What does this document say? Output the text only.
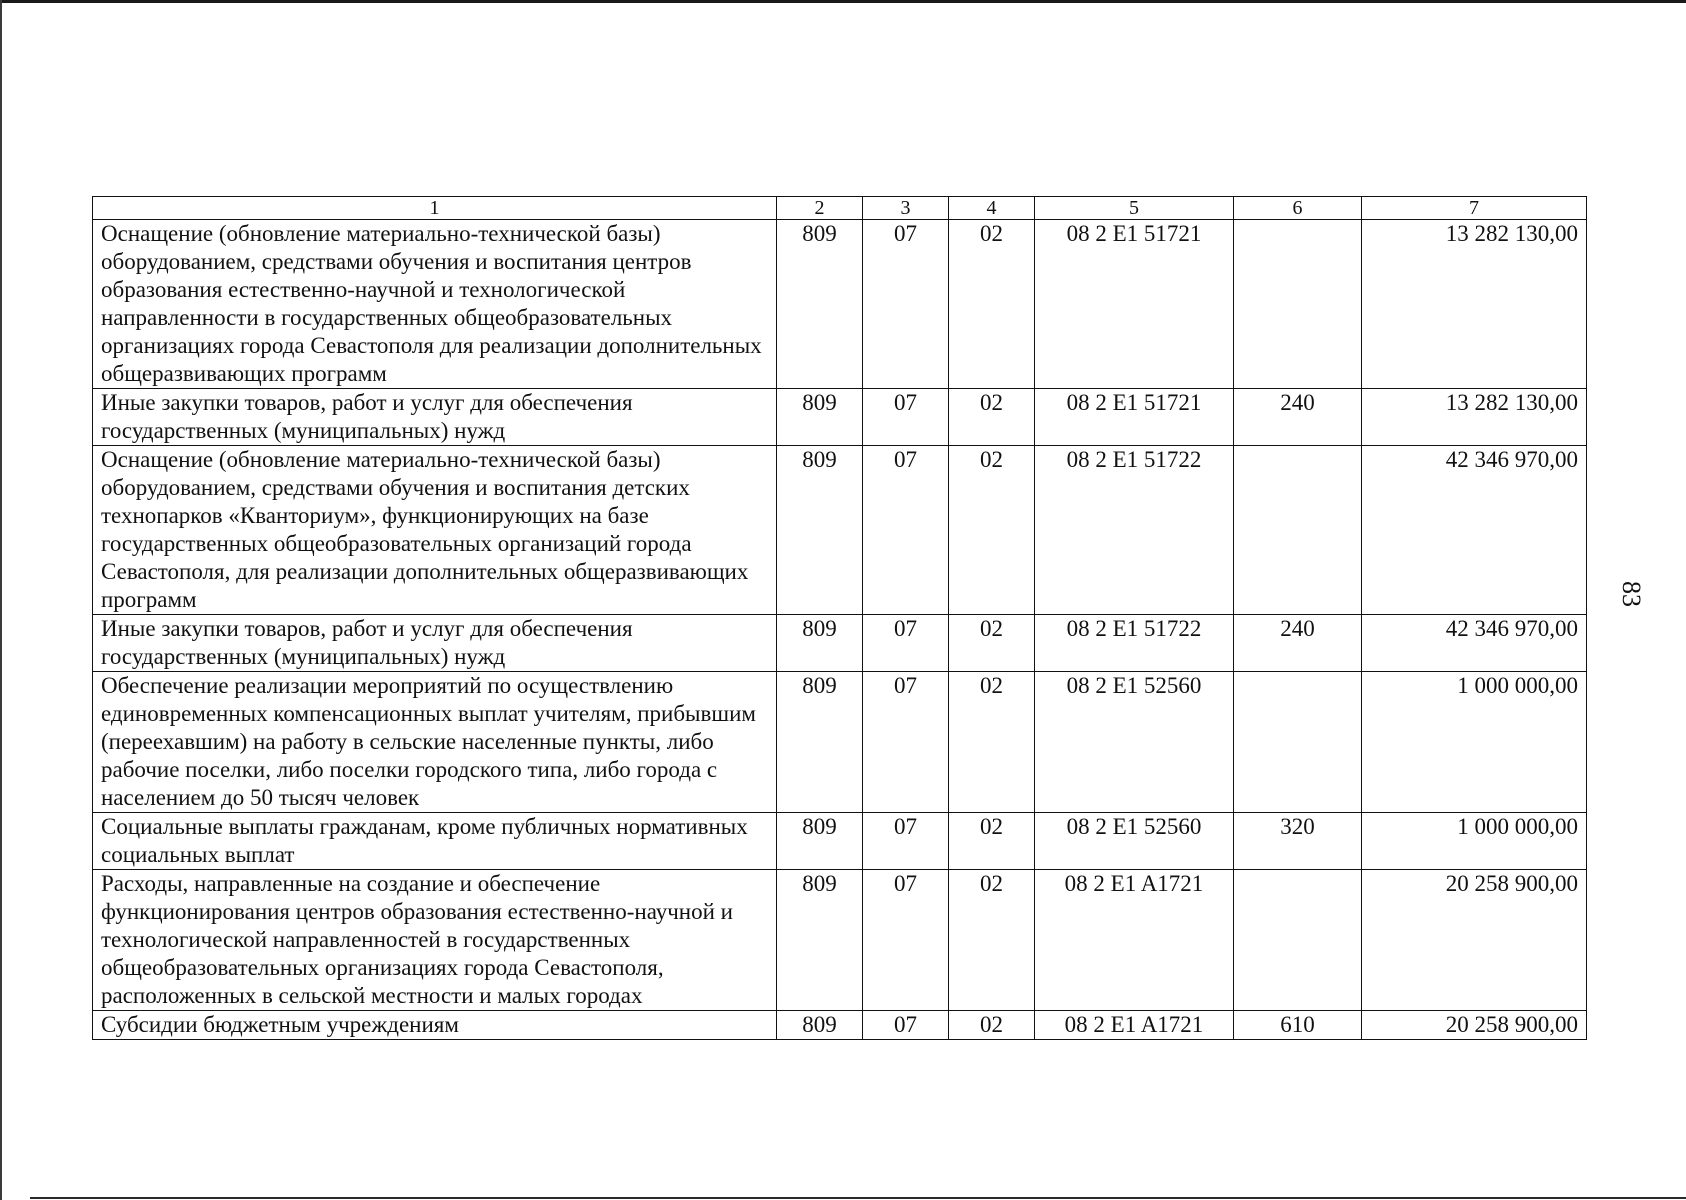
1	2	3	4	5	6	7
Оснащение (обновление материально-технической базы) оборудованием, средствами обучения и воспитания центров образования естественно-научной и технологической направленности в государственных общеобразовательных организациях города Севастополя для реализации дополнительных общеразвивающих программ	809	07	02	08 2 E1 51721		13 282 130,00
Иные закупки товаров, работ и услуг для обеспечения государственных (муниципальных) нужд	809	07	02	08 2 E1 51721	240	13 282 130,00
Оснащение (обновление материально-технической базы) оборудованием, средствами обучения и воспитания детских технопарков «Кванториум», функционирующих на базе государственных общеобразовательных организаций города Севастополя, для реализации дополнительных общеразвивающих программ	809	07	02	08 2 E1 51722		42 346 970,00
Иные закупки товаров, работ и услуг для обеспечения государственных (муниципальных) нужд	809	07	02	08 2 E1 51722	240	42 346 970,00
Обеспечение реализации мероприятий по осуществлению единовременных компенсационных выплат учителям, прибывшим (переехавшим) на работу в сельские населенные пункты, либо рабочие поселки, либо поселки городского типа, либо города с населением до 50 тысяч человек	809	07	02	08 2 E1 52560		1 000 000,00
Социальные выплаты гражданам, кроме публичных нормативных социальных выплат	809	07	02	08 2 E1 52560	320	1 000 000,00
Расходы, направленные на создание и обеспечение функционирования центров образования естественно-научной и технологической направленностей в государственных общеобразовательных организациях города Севастополя, расположенных в сельской местности и малых городах	809	07	02	08 2 E1 A1721		20 258 900,00
Субсидии бюджетным учреждениям	809	07	02	08 2 E1 A1721	610	20 258 900,00
83
